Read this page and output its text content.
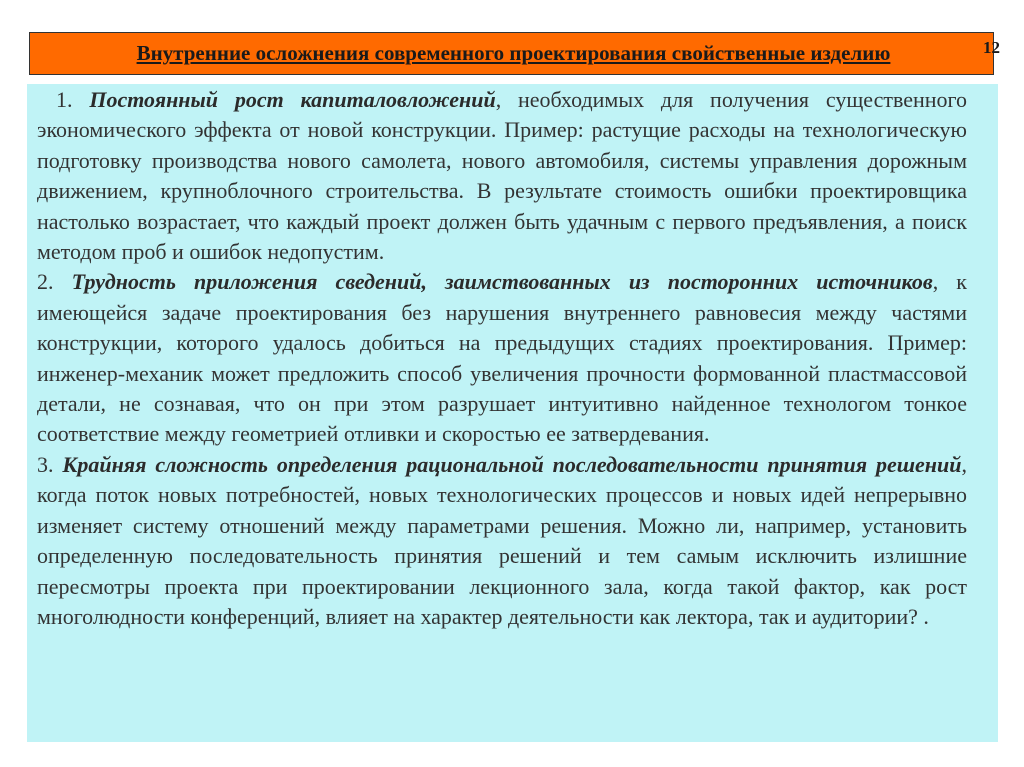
Внутренние осложнения современного проектирования свойственные изделию	12

1. Постоянный рост капиталовложений, необходимых для получения существенного экономического эффекта от новой конструкции. Пример: растущие расходы на технологическую подготовку производства нового самолета, нового автомобиля, системы управления дорожным движением, крупноблочного строительства. В результате стоимость ошибки проектировщика настолько возрастает, что каждый проект должен быть удачным с первого предъявления, а поиск методом проб и ошибок недопустим.

2. Трудность приложения сведений, заимствованных из посторонних источников, к имеющейся задаче проектирования без нарушения внутреннего равновесия между частями конструкции, которого удалось добиться на предыдущих стадиях проектирования. Пример: инженер-механик может предложить способ увеличения прочности формованной пластмассовой детали, не сознавая, что он при этом разрушает интуитивно найденное технологом тонкое соответствие между геометрией отливки и скоростью ее затвердевания.

3. Крайняя сложность определения рациональной последовательности принятия решений, когда поток новых потребностей, новых технологических процессов и новых идей непрерывно изменяет систему отношений между параметрами решения. Можно ли, например, установить определенную последовательность принятия решений и тем самым исключить излишние пересмотры проекта при проектировании лекционного зала, когда такой фактор, как рост многолюдности конференций, влияет на характер деятельности как лектора, так и аудитории? .
